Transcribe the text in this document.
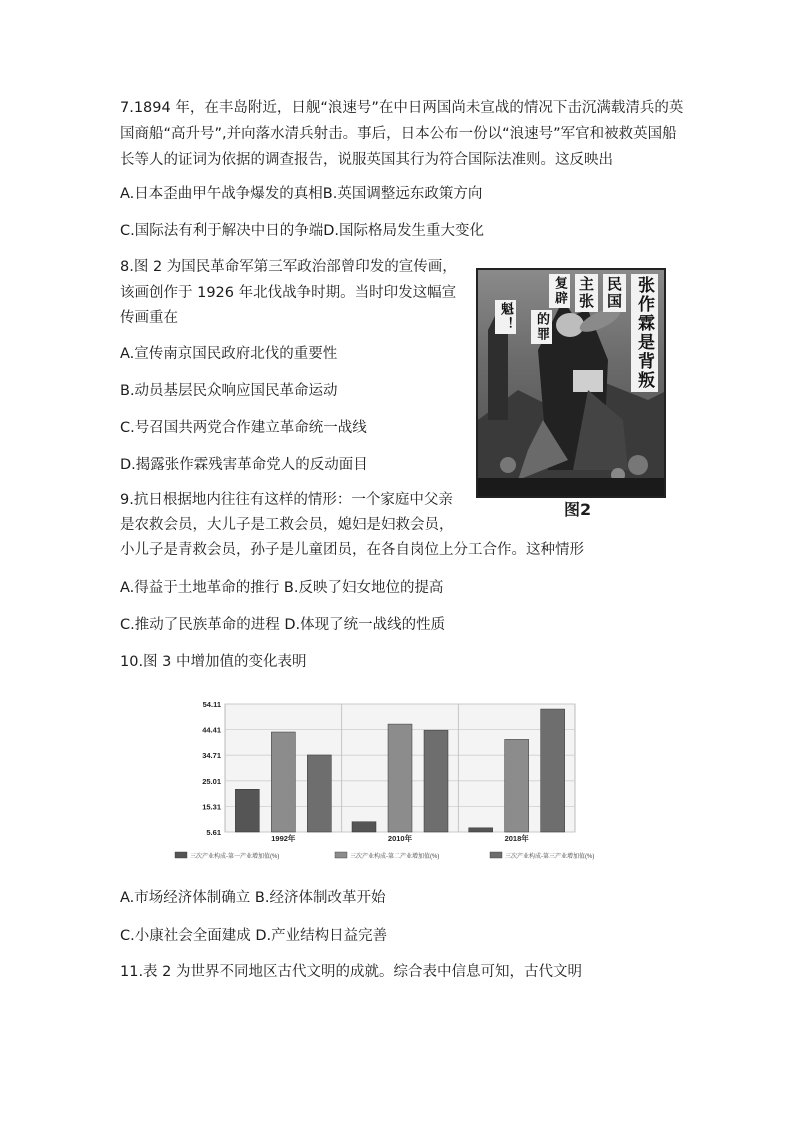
7.1894 年，在丰岛附近，日舰“浪速号”在中日两国尚未宣战的情况下击沉满载清兵的英
国商船“高升号”,并向落水清兵射击。事后，日本公布一份以“浪速号”军官和被救英国船
长等人的证词为依据的调查报告，说服英国其行为符合国际法准则。这反映出
A.日本歪曲甲午战争爆发的真相B.英国调整远东政策方向
C.国际法有利于解决中日的争端D.国际格局发生重大变化
8.图 2 为国民革命军第三军政治部曾印发的宣传画，
该画创作于 1926 年北伐战争时期。当时印发这幅宣
传画重在
A.宣传南京国民政府北伐的重要性
B.动员基层民众响应国民革命运动
C.号召国共两党合作建立革命统一战线
D.揭露张作霖残害革命党人的反动面目
张作霖是背叛
民国
主张
复辟
的罪
魁！
图2
9.抗日根据地内往往有这样的情形：一个家庭中父亲
是农救会员，大儿子是工救会员，媳妇是妇救会员，
小儿子是青救会员，孙子是儿童团员，在各自岗位上分工合作。这种情形
A.得益于土地革命的推行 B.反映了妇女地位的提高
C.推动了民族革命的进程 D.体现了统一战线的性质
10.图 3 中增加值的变化表明
54.11
44.41
34.71
25.01
15.31
5.61
1992年	2010年	2018年
三次产业构成-第一产业增加值(%)	三次产业构成-第二产业增加值(%)	三次产业构成-第三产业增加值(%)
A.市场经济体制确立 B.经济体制改革开始
C.小康社会全面建成 D.产业结构日益完善
11.表 2 为世界不同地区古代文明的成就。综合表中信息可知，古代文明
